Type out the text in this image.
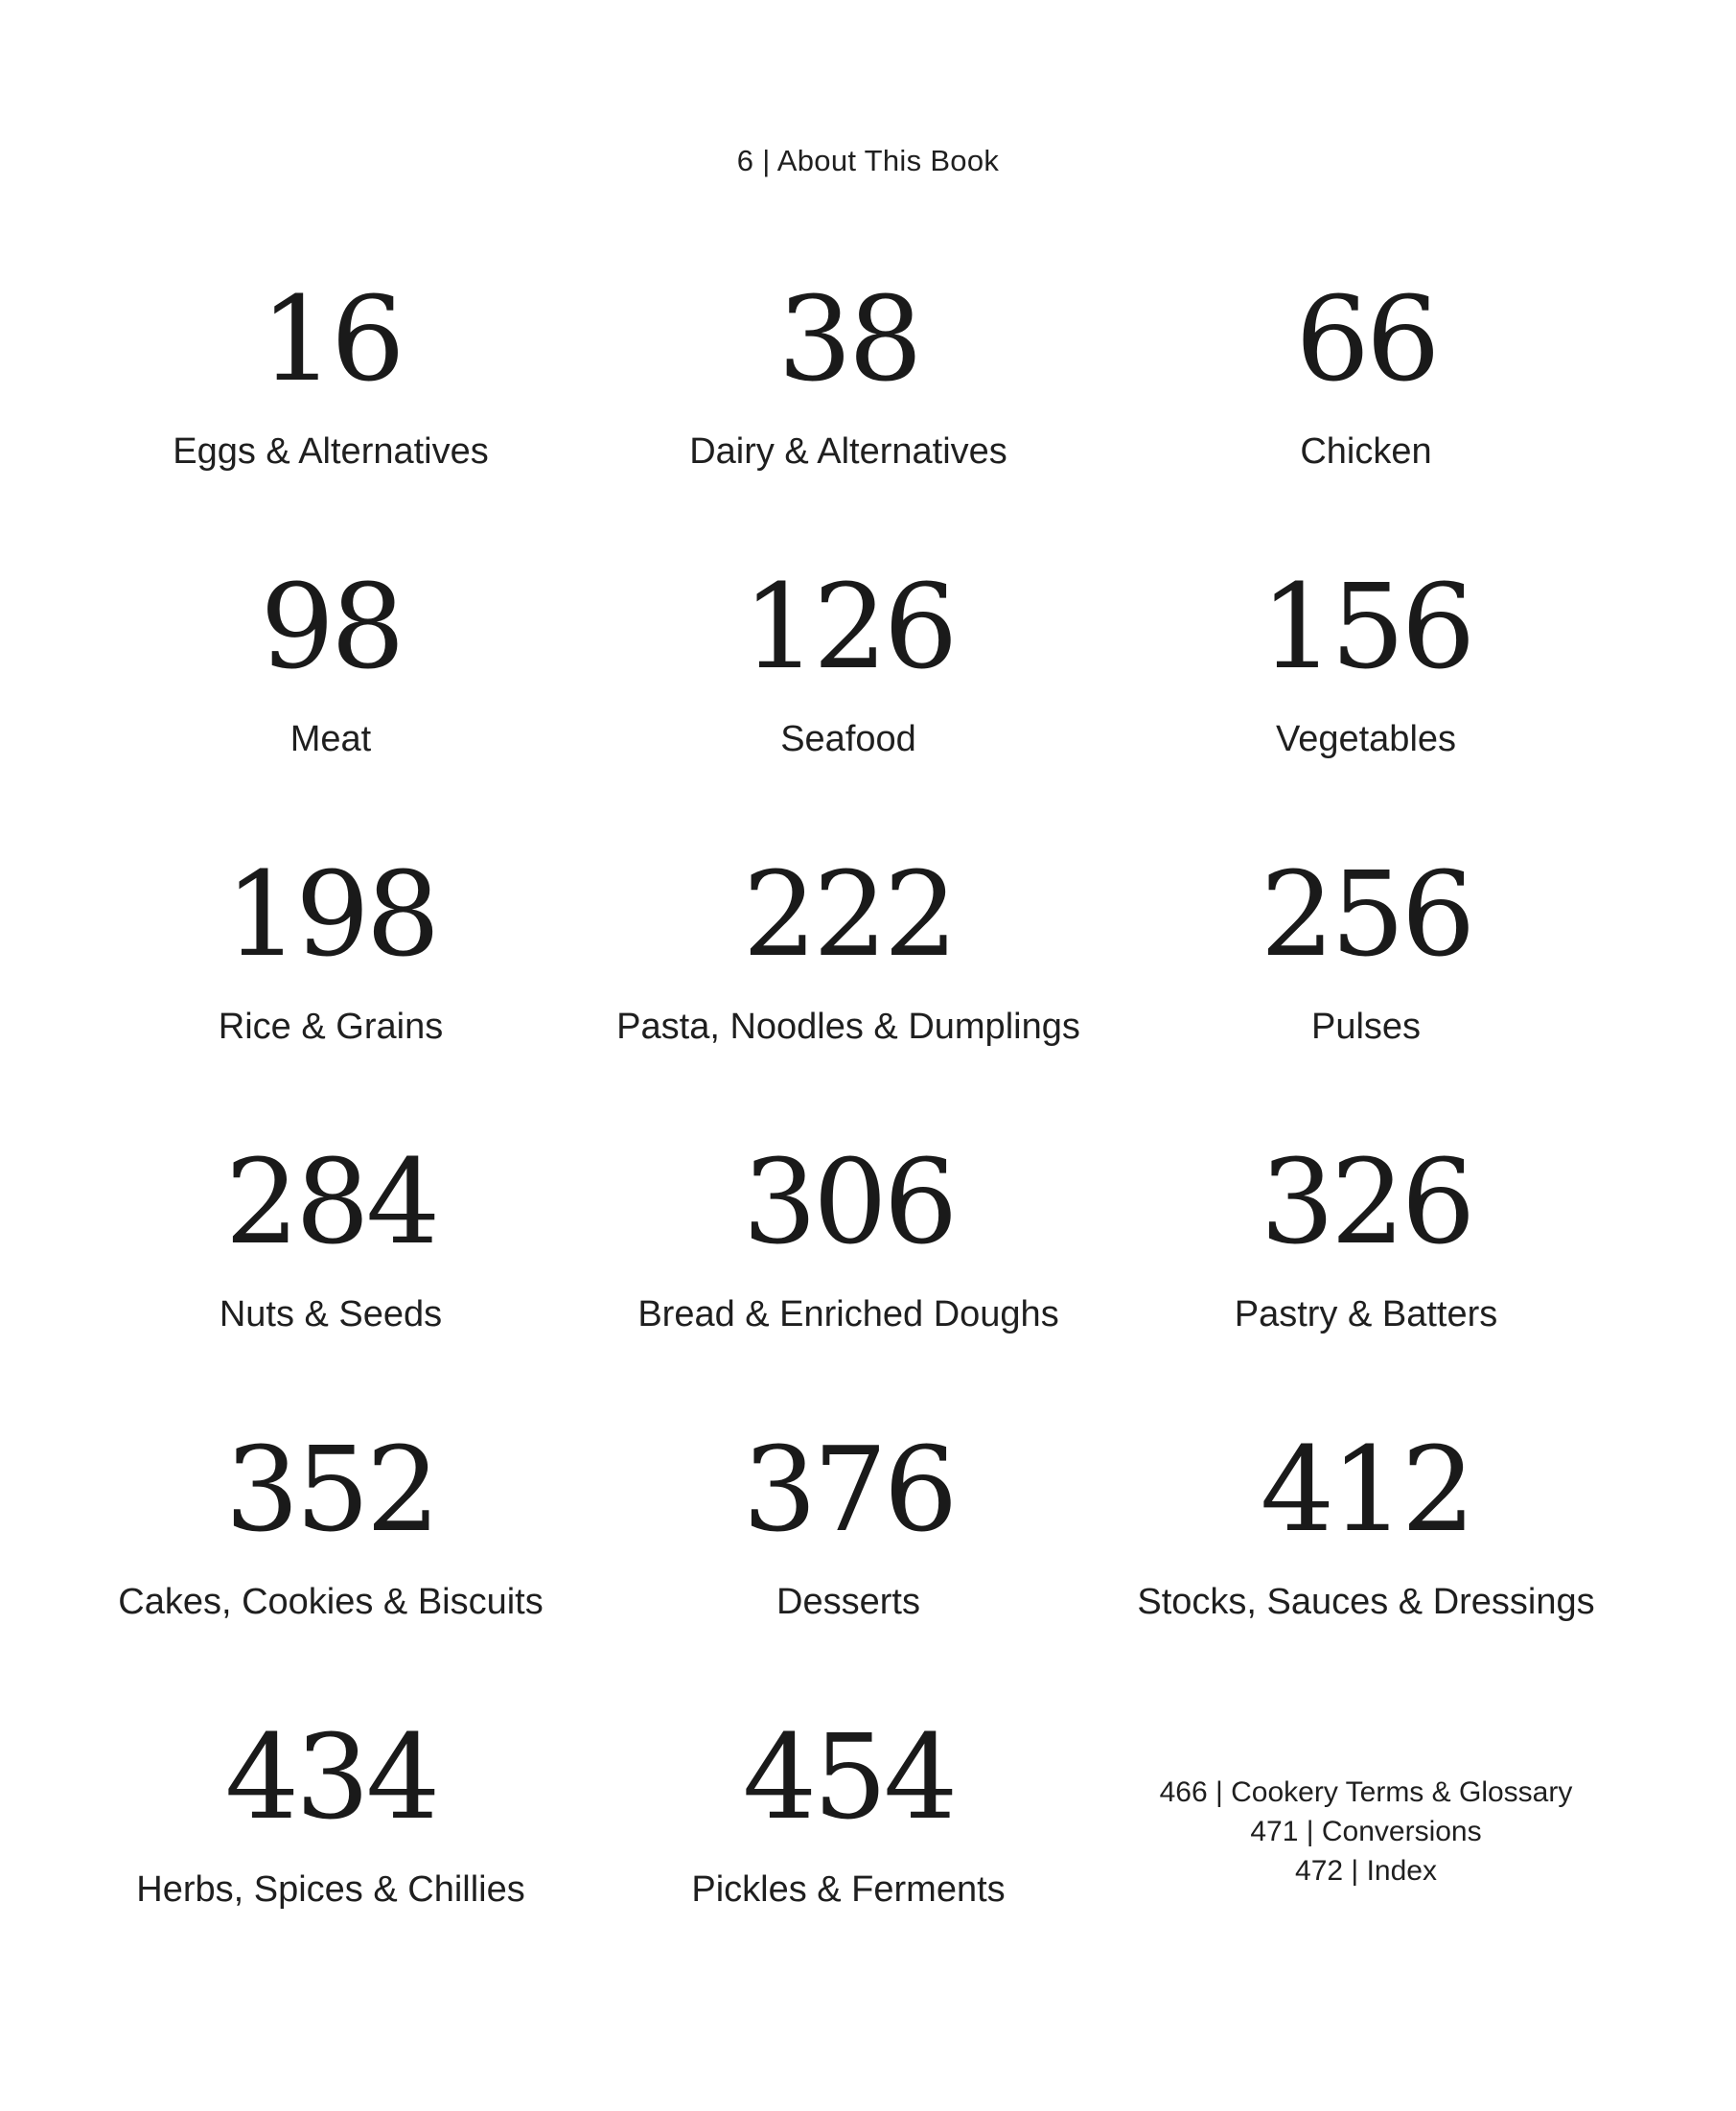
6 | About This Book
16
Eggs & Alternatives
38
Dairy & Alternatives
66
Chicken
98
Meat
126
Seafood
156
Vegetables
198
Rice & Grains
222
Pasta, Noodles & Dumplings
256
Pulses
284
Nuts & Seeds
306
Bread & Enriched Doughs
326
Pastry & Batters
352
Cakes, Cookies & Biscuits
376
Desserts
412
Stocks, Sauces & Dressings
434
Herbs, Spices & Chillies
454
Pickles & Ferments
466 | Cookery Terms & Glossary
471 | Conversions
472 | Index
